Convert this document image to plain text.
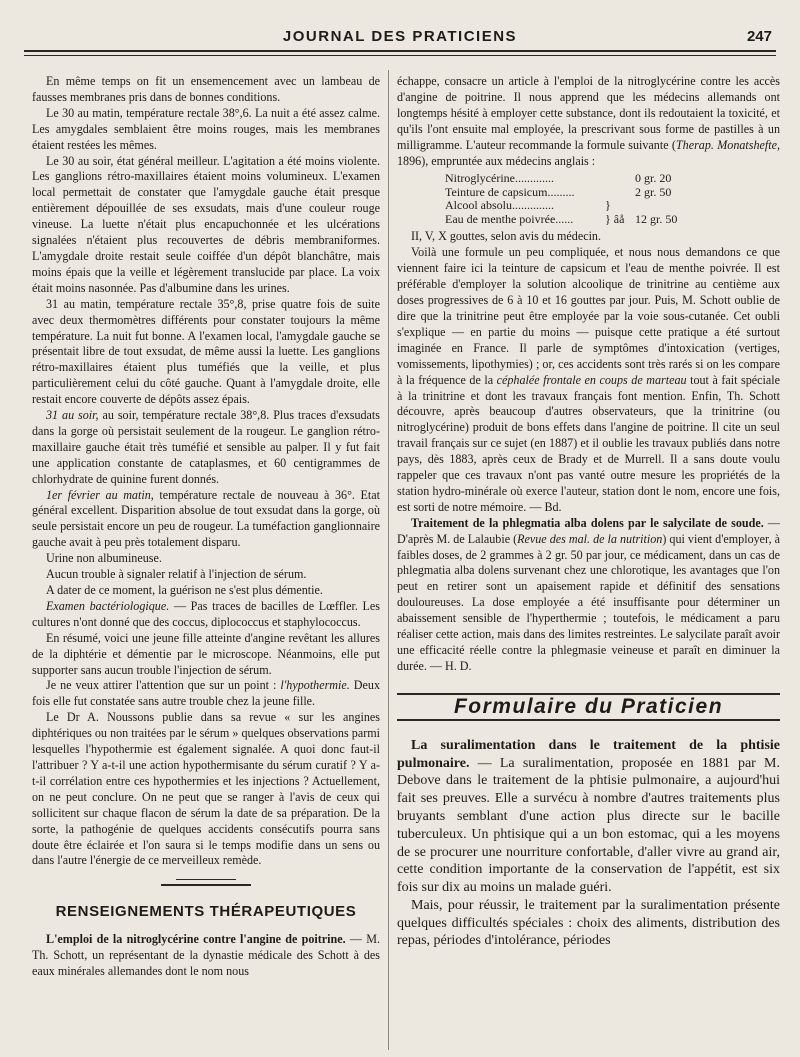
JOURNAL DES PRATICIENS	247

En même temps on fit un ensemencement avec un lambeau de fausses membranes pris dans de bonnes conditions.

Le 30 au matin, température rectale 38°,6. La nuit a été assez calme. Les amygdales semblaient être moins rouges, mais les membranes étaient restées les mêmes.

Le 30 au soir, état général meilleur. L'agitation a été moins violente. Les ganglions rétro-maxillaires étaient moins volumineux. L'examen local permettait de constater que l'amygdale gauche était presque entièrement dépouillée de ses exsudats, mais d'une couleur rouge vineuse. La luette n'était plus encapuchonnée et les ulcérations signalées n'étaient plus recouvertes de débris membraniformes. L'amygdale droite restait seule coiffée d'un dépôt blanchâtre, mais moins épais que la veille et légèrement translucide par place. La voix était moins nasonnée. Pas d'albumine dans les urines.

31 au matin, température rectale 35°,8, prise quatre fois de suite avec deux thermomètres différents pour constater toujours la même température. La nuit fut bonne. A l'examen local, l'amygdale gauche se présentait libre de tout exsudat, de même aussi la luette. Les ganglions rétro-maxillaires étaient plus tuméfiés que la veille, et plus particulièrement celui du côté gauche. Quant à l'amygdale droite, elle restait encore couverte de dépôts assez épais.

31 au soir, au soir, température rectale 38°,8. Plus traces d'exsudats dans la gorge où persistait seulement de la rougeur. Le ganglion rétro-maxillaire gauche était très tuméfié et sensible au palper. Il y fut fait une application constante de cataplasmes, et 60 centigrammes de chlorhydrate de quinine furent donnés.

1er février au matin, température rectale de nouveau à 36°. Etat général excellent. Disparition absolue de tout exsudat dans la gorge, où seule persistait encore un peu de rougeur. La tuméfaction ganglionnaire gauche avait à peu près totalement disparu.

Urine non albumineuse.

Aucun trouble à signaler relatif à l'injection de sérum.

A dater de ce moment, la guérison ne s'est plus démentie.

Examen bactériologique. — Pas traces de bacilles de Lœffler. Les cultures n'ont donné que des coccus, diplococcus et staphylococcus.

En résumé, voici une jeune fille atteinte d'angine revêtant les allures de la diphtérie et démentie par le microscope. Néanmoins, elle put supporter sans aucun trouble l'injection de sérum.

Je ne veux attirer l'attention que sur un point : l'hypothermie. Deux fois elle fut constatée sans autre trouble chez la jeune fille.

Le Dr A. Noussons publie dans sa revue « sur les angines diphtériques ou non traitées par le sérum » quelques observations parmi lesquelles l'hypothermie est également signalée. A quoi donc faut-il l'attribuer ? Y a-t-il une action hypothermisante du sérum curatif ? Y a-t-il corrélation entre ces hypothermies et les injections ? Actuellement, on ne peut conclure. On ne peut que se ranger à l'avis de ceux qui sollicitent sur chaque flacon de sérum la date de sa préparation. De la sorte, la pathogénie de quelques accidents consécutifs pourra sans doute être éclairée et l'on saura si le temps modifie dans un sens ou dans l'autre l'énergie de ce merveilleux remède.

RENSEIGNEMENTS THÉRAPEUTIQUES

L'emploi de la nitroglycérine contre l'angine de poitrine. — M. Th. Schott, un représentant de la dynastie médicale des Schott à des eaux minérales allemandes dont le nom nous

échappe, consacre un article à l'emploi de la nitroglycérine contre les accès d'angine de poitrine. Il nous apprend que les médecins allemands ont longtemps hésité à employer cette substance, dont ils redoutaient la toxicité, et qu'ils l'ont ensuite mal employée, la prescrivant sous forme de pastilles à un milligramme. L'auteur recommande la formule suivante (Therap. Monatshefte, 1896), empruntée aux médecins anglais :

Nitroglycérine.............	0 gr. 20
Teinture de capsicum.........	2 gr. 50
Alcool absolu..............	}
Eau de menthe poivrée......	} âå 12 gr. 50

II, V, X gouttes, selon avis du médecin.

Voilà une formule un peu compliquée, et nous nous demandons ce que viennent faire ici la teinture de capsicum et l'eau de menthe poivrée. Il est préférable d'employer la solution alcoolique de trinitrine au centième aux doses progressives de 6 à 10 et 16 gouttes par jour. Puis, M. Schott oublie de dire que la trinitrine peut être employée par la voie sous-cutanée. Cet oubli s'explique — en partie du moins — puisque cette pratique a été surtout imaginée en France. Il parle de symptômes d'intoxication (vertiges, vomissements, lipothymies) ; or, ces accidents sont très rarés si on les compare à la fréquence de la céphalée frontale en coups de marteau tout à fait spéciale à la trinitrine et dont les travaux français font mention. Enfin, Th. Schott découvre, après beaucoup d'autres observateurs, que la trinitrine (ou nitroglycérine) produit de bons effets dans l'angine de poitrine. Il cite un seul travail français sur ce sujet (en 1887) et il oublie les travaux publiés dans notre pays, dès 1883, après ceux de Brady et de Murrell. Il a sans doute voulu rappeler que ces travaux n'ont pas vanté outre mesure les propriétés de la station hydro-minérale où exerce l'auteur, station dont le nom, encore une fois, est sorti de notre mémoire. — Bd.

Traitement de la phlegmatia alba dolens par le salycilate de soude. — D'après M. de Lalaubie (Revue des mal. de la nutrition) qui vient d'employer, à faibles doses, de 2 grammes à 2 gr. 50 par jour, ce médicament, dans un cas de phlegmatia alba dolens survenant chez une chlorotique, les avantages que l'on peut en retirer sont un apaisement rapide et définitif des sensations douloureuses. La dose employée a été insuffisante pour déterminer un abaissement sensible de l'hyperthermie ; toutefois, le médicament a paru réaliser cette action, mais dans des limites restreintes. Le salycilate paraît avoir une efficacité réelle contre la phlegmasie veineuse et paraît en diminuer la durée. — H. D.

Formulaire du Praticien

La suralimentation dans le traitement de la phtisie pulmonaire. — La suralimentation, proposée en 1881 par M. Debove dans le traitement de la phtisie pulmonaire, a aujourd'hui fait ses preuves. Elle a survécu à nombre d'autres traitements plus bruyants semblant d'une action plus directe sur le bacille tuberculeux. Un phtisique qui a un bon estomac, qui a les moyens de se procurer une nourriture confortable, d'aller vivre au grand air, cette condition importante de la conservation de l'appétit, est six fois sur dix au moins un malade guéri.

Mais, pour réussir, le traitement par la suralimentation présente quelques difficultés spéciales : choix des aliments, distribution des repas, périodes d'intolérance, périodes
